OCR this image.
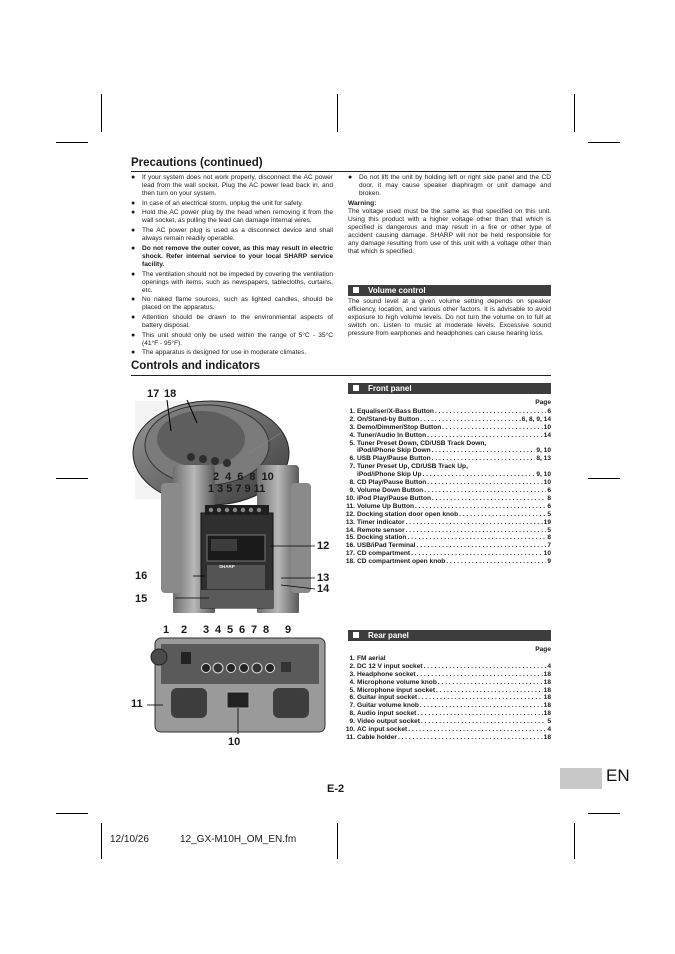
Precautions (continued)
● If your system does not work properly, disconnect the AC power lead from the wall socket. Plug the AC power lead back in, and then turn on your system.
● In case of an electrical storm, unplug the unit for safety.
● Hold the AC power plug by the head when removing it from the wall socket, as pulling the lead can damage internal wires.
● The AC power plug is used as a disconnect device and shall always remain readily operable.
● Do not remove the outer cover, as this may result in electric shock. Refer internal service to your local SHARP service facility.
● The ventilation should not be impeded by covering the ventilation openings with items, such as newspapers, tablecloths, curtains, etc.
● No naked flame sources, such as lighted candles, should be placed on the apparatus.
● Attention should be drawn to the environmental aspects of battery disposal.
● This unit should only be used within the range of 5°C - 35°C (41°F - 95°F).
● The apparatus is designed for use in moderate climates.
● Do not lift the unit by holding left or right side panel and the CD door, it may cause speaker diaphragm or unit damage and broken.
Warning:

The voltage used must be the same as that specified on this unit. Using this product with a higher voltage other than that which is specified is dangerous and may result in a fire or other type of accident causing damage. SHARP will not be held responsible for any damage resulting from use of this unit with a voltage other than that which is specified.

Volume control

The sound level at a given volume setting depends on speaker efficiency, location, and various other factors. It is advisable to avoid exposure to high volume levels. Do not turn the volume on to full at switch on. Listen to music at moderate levels. Excessive sound pressure from earphones and headphones can cause hearing loss.

Controls and indicators
17 18
246810
1357911
12
13
14
15
16
SHARP
Front panel
Page
1. Equaliser/X-Bass Button . . .	6
2. On/Stand-by Button . . .	6, 8, 9, 14
3. Demo/Dimmer/Stop Button . . .	10
4. Tuner/Audio In Button . . .	14
5. Tuner Preset Down, CD/USB Track Down,
iPod/iPhone Skip Down . . .	9, 10
6. USB Play/Pause Button . . .	8, 13
7. Tuner Preset Up, CD/USB Track Up,
iPod/iPhone Skip Up . . .	9, 10
8. CD Play/Pause Button . . .	10
9. Volume Down Button . . .	6
10. iPod Play/Pause Button . . .	8
11. Volume Up Button . . .	6
12. Docking station door open knob . . .	5
13. Timer indicator . . .	19
14. Remote sensor . . .	5
15. Docking station . . .	8
16. USB/iPad Terminal . . .	7
17. CD compartment . . .	10
18. CD compartment open knob . . .	9
1 2 3 4 5 6 7 8 9
11
10
Rear panel
Page
1. FM aerial
2. DC 12 V input socket . . .	4
3. Headphone socket . . .	18
4. Microphone volume knob . . .	18
5. Microphone input socket . . .	18
6. Guitar input socket . . .	18
7. Guitar volume knob . . .	18
8. Audio input socket . . .	18
9. Video output socket . . .	5
10. AC input socket . . .	4
11. Cable holder . . .	18
EN
E-2
12/10/26	12_GX-M10H_OM_EN.fm
